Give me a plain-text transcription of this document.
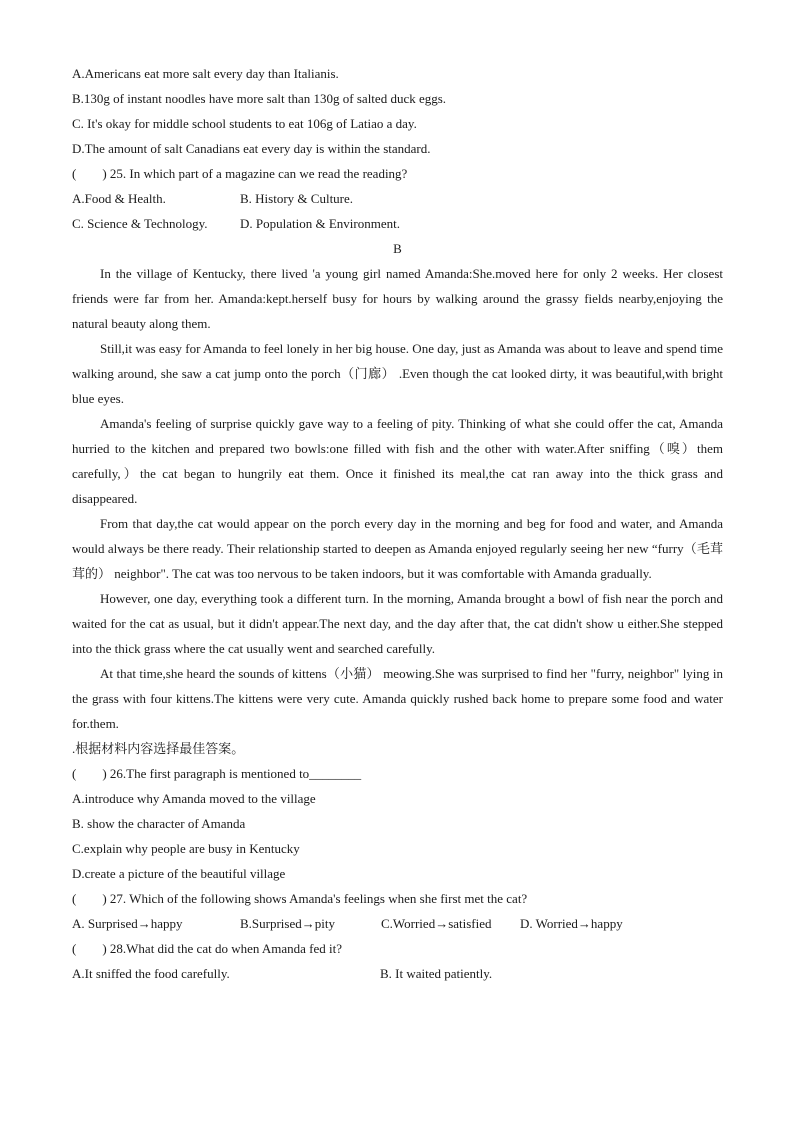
A.Americans eat more salt every day than Italianis.
B.130g of instant noodles have more salt than 130g of salted duck eggs.
C. It's okay for middle school students to eat 106g of Latiao a day.
D.The amount of salt Canadians eat every day is within the standard.
(　　) 25. In which part of a magazine can we read the reading?
A.Food & Health.	B. History & Culture.
C. Science & Technology.	D. Population & Environment.
B
In the village of Kentucky, there lived 'a young girl named Amanda:She.moved here for only 2 weeks. Her closest friends were far from her. Amanda:kept.herself busy for hours by walking around the grassy fields nearby,enjoying the natural beauty along them.
Still,it was easy for Amanda to feel lonely in her big house. One day, just as Amanda was about to leave and spend time walking around, she saw a cat jump onto the porch（门廊） .Even though the cat looked dirty, it was beautiful,with bright blue eyes.
Amanda's feeling of surprise quickly gave way to a feeling of pity. Thinking of what she could offer the cat, Amanda hurried to the kitchen and prepared two bowls:one filled with fish and the other with water.After sniffing（嗅）them carefully,）the cat began to hungrily eat them. Once it finished its meal,the cat ran away into the thick grass and disappeared.
From that day,the cat would appear on the porch every day in the morning and beg for food and water, and Amanda would always be there ready. Their relationship started to deepen as Amanda enjoyed regularly seeing her new “furry（毛茸茸的） neighbor". The cat was too nervous to be taken indoors, but it was comfortable with Amanda gradually.
However, one day, everything took a different turn. In the morning, Amanda brought a bowl of fish near the porch and waited for the cat as usual, but it didn't appear.The next day, and the day after that, the cat didn't show u either.She stepped into the thick grass where the cat usually went and searched carefully.
At that time,she heard the sounds of kittens（小猫） meowing.She was surprised to find her "furry, neighbor" lying in the grass with four kittens.The kittens were very cute. Amanda quickly rushed back home to prepare some food and water for.them.
.根据材料内容选择最佳答案。
(　　) 26.The first paragraph is mentioned to________
A.introduce why Amanda moved to the village
B. show the character of Amanda
C.explain why people are busy in Kentucky
D.create a picture of the beautiful village
(　　) 27. Which of the following shows Amanda's feelings when she first met the cat?
A. Surprised→happy	B.Surprised→pity	C.Worried→satisfied	D. Worried→happy
(　　) 28.What did the cat do when Amanda fed it?
A.It sniffed the food carefully.	B. It waited patiently.
